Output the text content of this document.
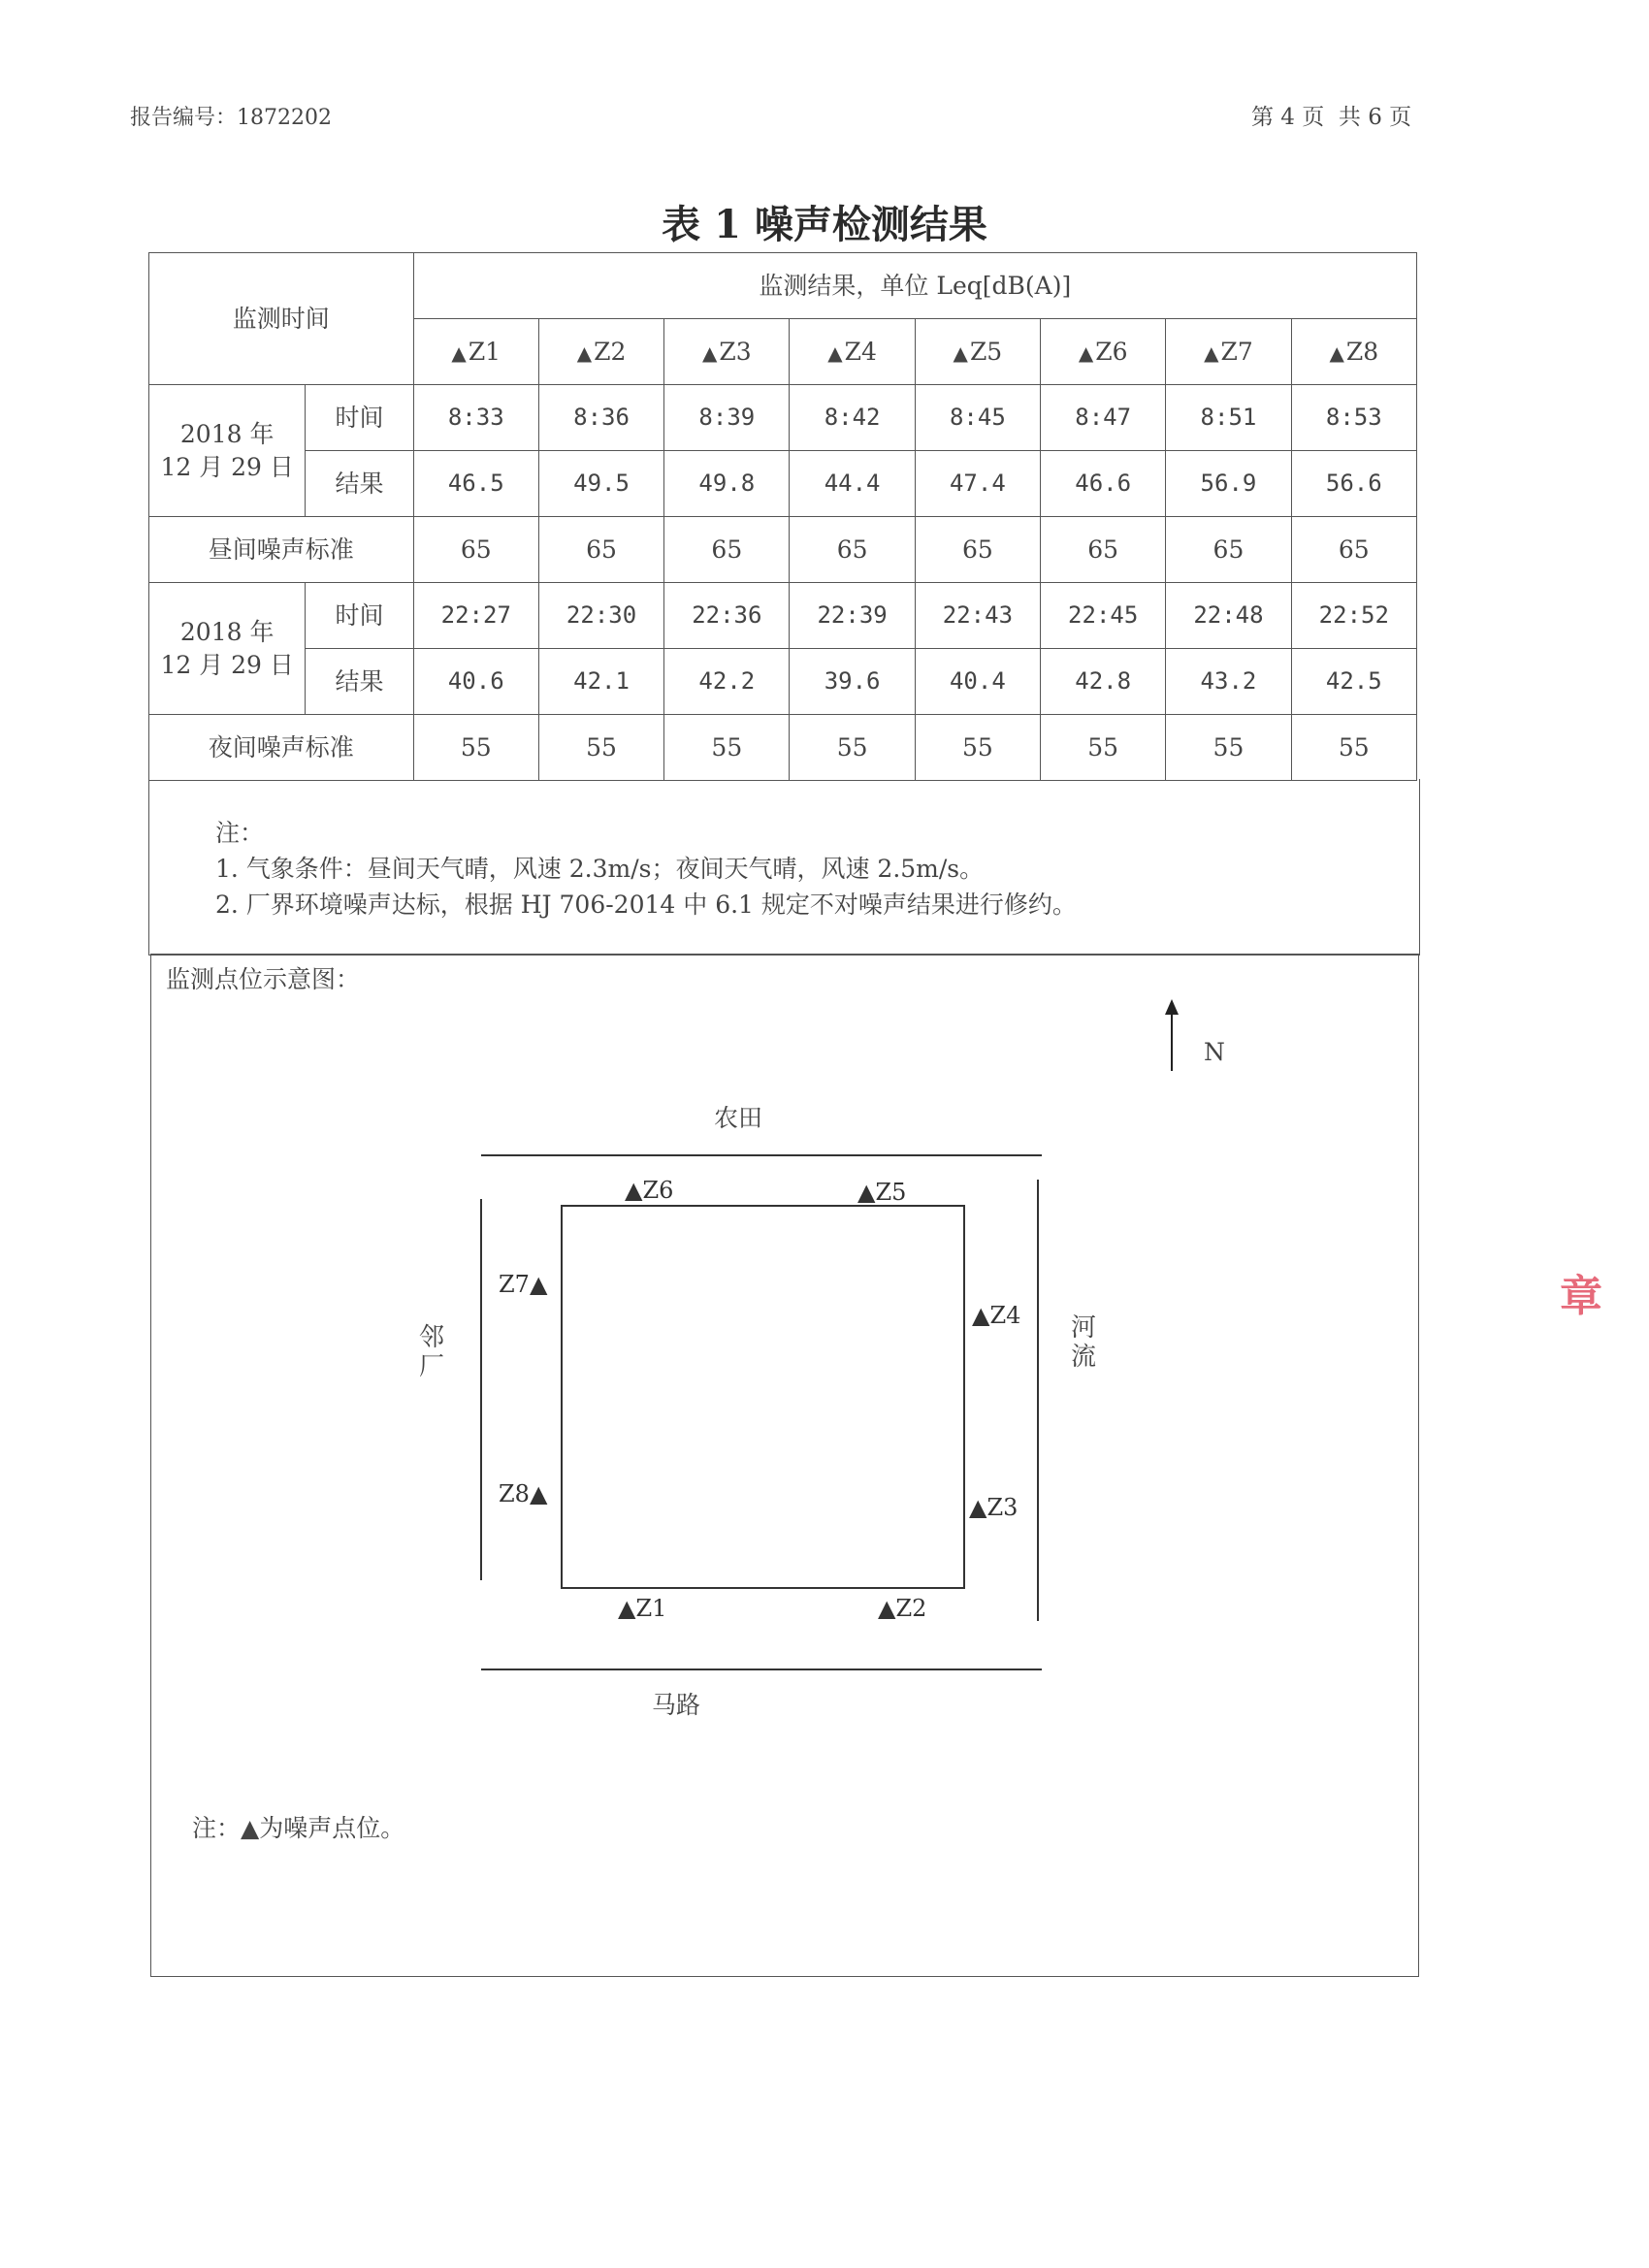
报告编号：1872202	第 4 页  共 6 页
表 1 噪声检测结果
监测时间		监测结果，单位 Leq[dB(A)]							
		▲Z1	▲Z2	▲Z3	▲Z4	▲Z5	▲Z6	▲Z7	▲Z8
2018 年
12 月 29 日	时间	8:33	8:36	8:39	8:42	8:45	8:47	8:51	8:53
	结果	46.5	49.5	49.8	44.4	47.4	46.6	56.9	56.6
昼间噪声标准		65	65	65	65	65	65	65	65
2018 年
12 月 29 日	时间	22:27	22:30	22:36	22:39	22:43	22:45	22:48	22:52
	结果	40.6	42.1	42.2	39.6	40.4	42.8	43.2	42.5
夜间噪声标准		55	55	55	55	55	55	55	55
注：
1. 气象条件：昼间天气晴，风速 2.3m/s；夜间天气晴，风速 2.5m/s。
2. 厂界环境噪声达标，根据 HJ 706-2014 中 6.1 规定不对噪声结果进行修约。
监测点位示意图：
N
农田
马路
邻厂
河流
▲Z6	▲Z5
Z7▲
▲Z4
Z8▲	▲Z3
▲Z1	▲Z2
注：▲为噪声点位。
章
